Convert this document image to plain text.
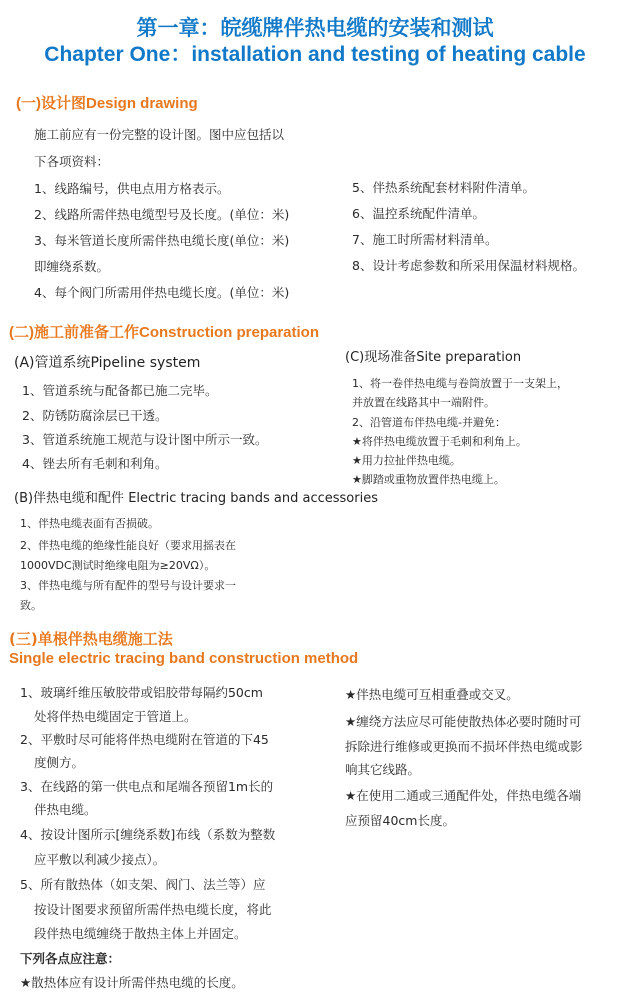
第一章：皖缆牌伴热电缆的安装和测试
Chapter One：installation and testing of heating cable
(一)设计图Design drawing
施工前应有一份完整的设计图。图中应包括以
下各项资料：
1、线路编号，供电点用方格表示。
2、线路所需伴热电缆型号及长度。(单位：米)
3、每米管道长度所需伴热电缆长度(单位：米)
即缠绕系数。
4、每个阀门所需用伴热电缆长度。(单位：米)
5、伴热系统配套材料附件清单。
6、温控系统配件清单。
7、施工时所需材料清单。
8、设计考虑参数和所采用保温材料规格。
(二)施工前准备工作Construction preparation
(A)管道系统Pipeline system
1、管道系统与配备都已施二完毕。
2、防锈防腐涂层已干透。
3、管道系统施工规范与设计图中所示一致。
4、锉去所有毛刺和利角。
(C)现场准备Site preparation
1、将一卷伴热电缆与卷筒放置于一支架上，
并放置在线路其中一端附件。
2、沿管道布伴热电缆-并避免：
★将伴热电缆放置于毛刺和利角上。
★用力拉扯伴热电缆。
★脚踏或重物放置伴热电缆上。
(B)伴热电缆和配件 Electric tracing bands and accessories
1、伴热电缆表面有否损破。
2、伴热电缆的绝缘性能良好（要求用摇表在
1000VDC测试时绝缘电阻为≥20VΩ）。
3、伴热电缆与所有配件的型号与设计要求一
致。
(三)单根伴热电缆施工法
Single electric tracing band construction method
1、玻璃纤维压敏胶带或铝胶带每隔约50cm
处将伴热电缆固定于管道上。
2、平敷时尽可能将伴热电缆附在管道的下45
度侧方。
3、在线路的第一供电点和尾端各预留1m长的
伴热电缆。
4、按设计图所示[缠绕系数]布线（系数为整数
应平敷以利减少接点）。
5、所有散热体（如支架、阀门、法兰等）应
按设计图要求预留所需伴热电缆长度，将此
段伴热电缆缠绕于散热主体上并固定。
下列各点应注意：
★散热体应有设计所需伴热电缆的长度。
★伴热电缆可互相重叠或交叉。
★缠绕方法应尽可能使散热体必要时随时可
拆除进行维修或更换而不损坏伴热电缆或影
响其它线路。
★在使用二通或三通配件处，伴热电缆各端
应预留40cm长度。
